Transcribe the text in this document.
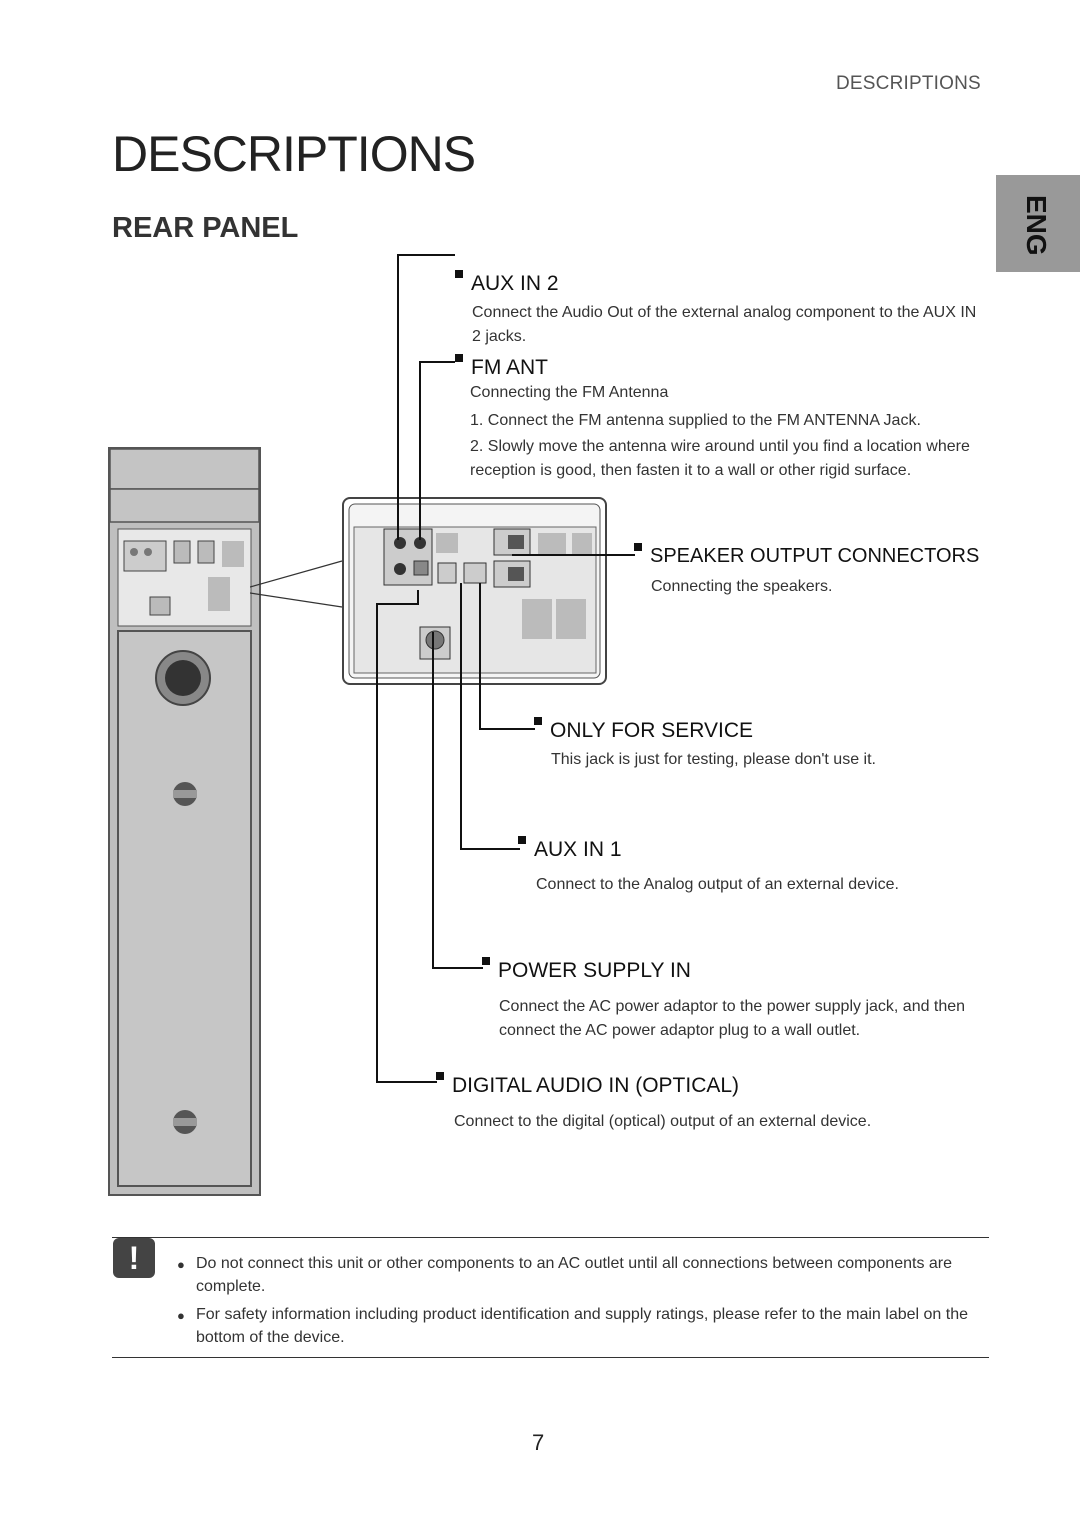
DESCRIPTIONS
DESCRIPTIONS
REAR PANEL	ENG
AUX IN 2
Connect the Audio Out of the external analog component to the AUX IN 2 jacks.
FM ANT
Connecting the FM Antenna
1. Connect the FM antenna supplied to the FM ANTENNA Jack.
2. Slowly move the antenna wire around until you find a location where reception is good, then fasten it to a wall or other rigid surface.
SPEAKER OUTPUT CONNECTORS
Connecting the speakers.
ONLY FOR SERVICE
This jack is just for testing, please don't use it.
AUX IN 1
Connect to the Analog output of an external device.
POWER SUPPLY IN
Connect the AC power adaptor to the power supply jack, and then connect the AC power adaptor plug to a wall outlet.
DIGITAL AUDIO IN (OPTICAL)
Connect to the digital (optical) output of an external device.
!	● Do not connect this unit or other components to an AC outlet until all connections between components are complete.
● For safety information including product identification and supply ratings, please refer to the main label on the bottom of the device.
7
